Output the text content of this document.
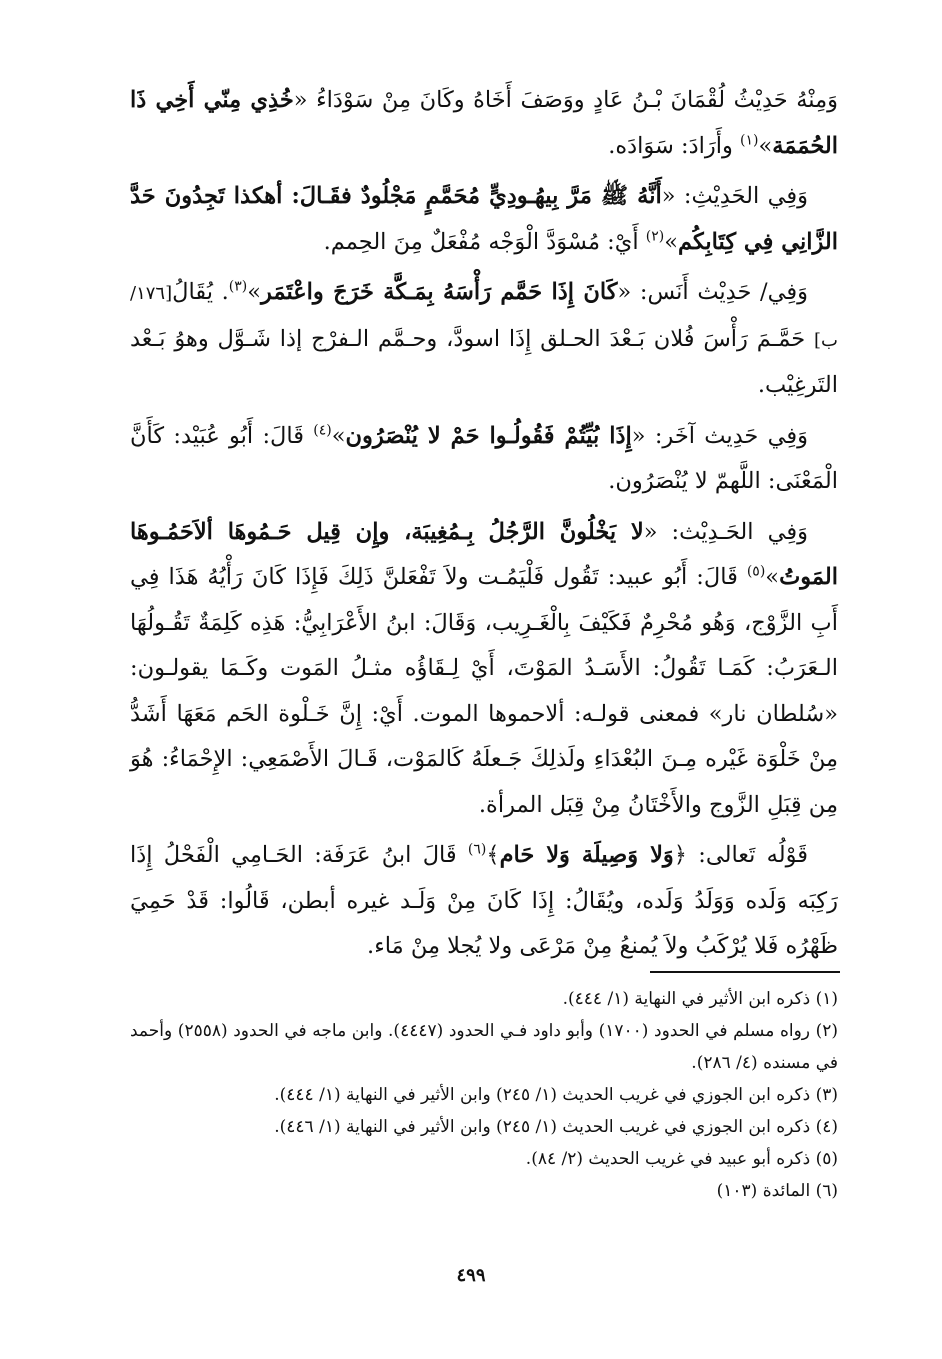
وَمِنْهُ حَدِيْثُ لُقْمَانَ بْـنُ عَادٍ ووَصَفَ أَخَاهُ وكَانَ مِنْ سَوْدَاءُ «خُذِي مِنّي أَخِي ذَا الحُمَمَة»$^{(١)}$ وأَرَادَ: سَوَادَه.

وَفِي الحَدِيْثِ: «أَنَّهُ ﷺ مَرَّ بِيهُـودِيٍّ مُحَمَّمٍ مَجْلُودٌ فقَـالَ: أهكذا تَجِدُونَ حَدَّ الزَّانِي فِي كِتَابِكُم»$^{(٢)}$ أَيْ: مُسْوَدَّ الْوَجْه مُفْعَلٌ مِنَ الحِمم.

وَفِي/ حَدِيْث أَنَس: «كَانَ إِذَا حَمَّم رَأْسَهُ بِمَـكَّة خَرَجَ واعْتَمَر»$^{(٣)}$. يُقَالُ[١٧٦/ب] حَمَّـمَ رَأْسَ فُلان بَـعْدَ الحـلق إِذَا اسودَّ، وحـمَّم الـفرْج إذا شَـوَّل وهوُ بَـعْد التَرغِيْب.

وَفِي حَدِيث آخَر: «إِذَا بُيِّتُمْ فَقُولُـوا حَمْ لا يُنْصَرُون»$^{(٤)}$ قَالَ: أَبُو عُبَيْد: كَأَنَّ الْمَعْنَى: اللَّهمّ لا يُنْصَرُون.

وَفِي الحَـدِيْث: «لا يَخْلُونَّ الرَّجُلُ بِـمُغِيبَة، وإِن قِيل حَـمُوهَا ألاَحَمُـوهَا المَوتُ»$^{(٥)}$ قَالَ: أَبُو عبيد: تَقُول فَلْيَمُـت ولاَ تَفْعَلنَّ ذَلِكَ فَإِذَا كَانَ رَأْيُهُ هَذَا فِي أَبِ الزَّوْج، وَهُو مُحْرِمٌ فَكَيْفَ بِالْغَـرِيب، وَقَالَ: ابنُ الأَعْرَابِيُّ: هَذِه كَلِمَةٌ تَقُـولُهَا الـعَرَبُ: كَمَـا تَقُولُ: الأَسَـدُ المَوْتَ، أَيْ لِـقَاؤُه مثـلُ المَوت وكَـمَا يقولـون: «سُلطان نار» فمعنى قولـه: ألاحموها الموت. أَيْ: إِنَّ خَـلْوة الحَم مَعَهَا أَشَدُّ مِنْ خَلْوَة غَيْره مِـنَ البُعْدَاءِ ولَذلِكَ جَـعلَهُ كَالمَوْت، قَـالَ الأَصْمَعِي: الإِحْمَاءُ: هُوَ مِن قِبَلِ الزَّوج والأَخْتَانُ مِنْ قِبَل المرأة.

قَوْلُه تَعالى: ﴿وَلا وَصِيلَة وَلا حَام﴾$^{(٦)}$ قَالَ ابنُ عَرَفَة: الحَـامِي الْفَحْلُ إِذَا رَكِبَه وَلَده وَوَلَدُ وَلَده، ويُقَالُ: إِذَا كَانَ مِنْ وَلَـد غيره أبطن، قَالُوا: قَدْ حَمِيَ ظَهْرُه فَلا يُرْكَبُ ولاَ يُمنعُ مِنْ مَرْعَى ولا يُجلا مِنْ مَاء.

(١) ذكره ابن الأثير في النهاية (١/ ٤٤٤).

(٢) رواه مسلم في الحدود (١٧٠٠) وأبو داود فـي الحدود (٤٤٤٧). وابن ماجه في الحدود (٢٥٥٨) وأحمد في مسنده (٤/ ٢٨٦).

(٣) ذكره ابن الجوزي في غريب الحديث (١/ ٢٤٥) وابن الأثير في النهاية (١/ ٤٤٤).

(٤) ذكره ابن الجوزي في غريب الحديث (١/ ٢٤٥) وابن الأثير في النهاية (١/ ٤٤٦).

(٥) ذكره أبو عبيد في غريب الحديث (٢/ ٨٤).

(٦) المائدة (١٠٣)

٤٩٩
